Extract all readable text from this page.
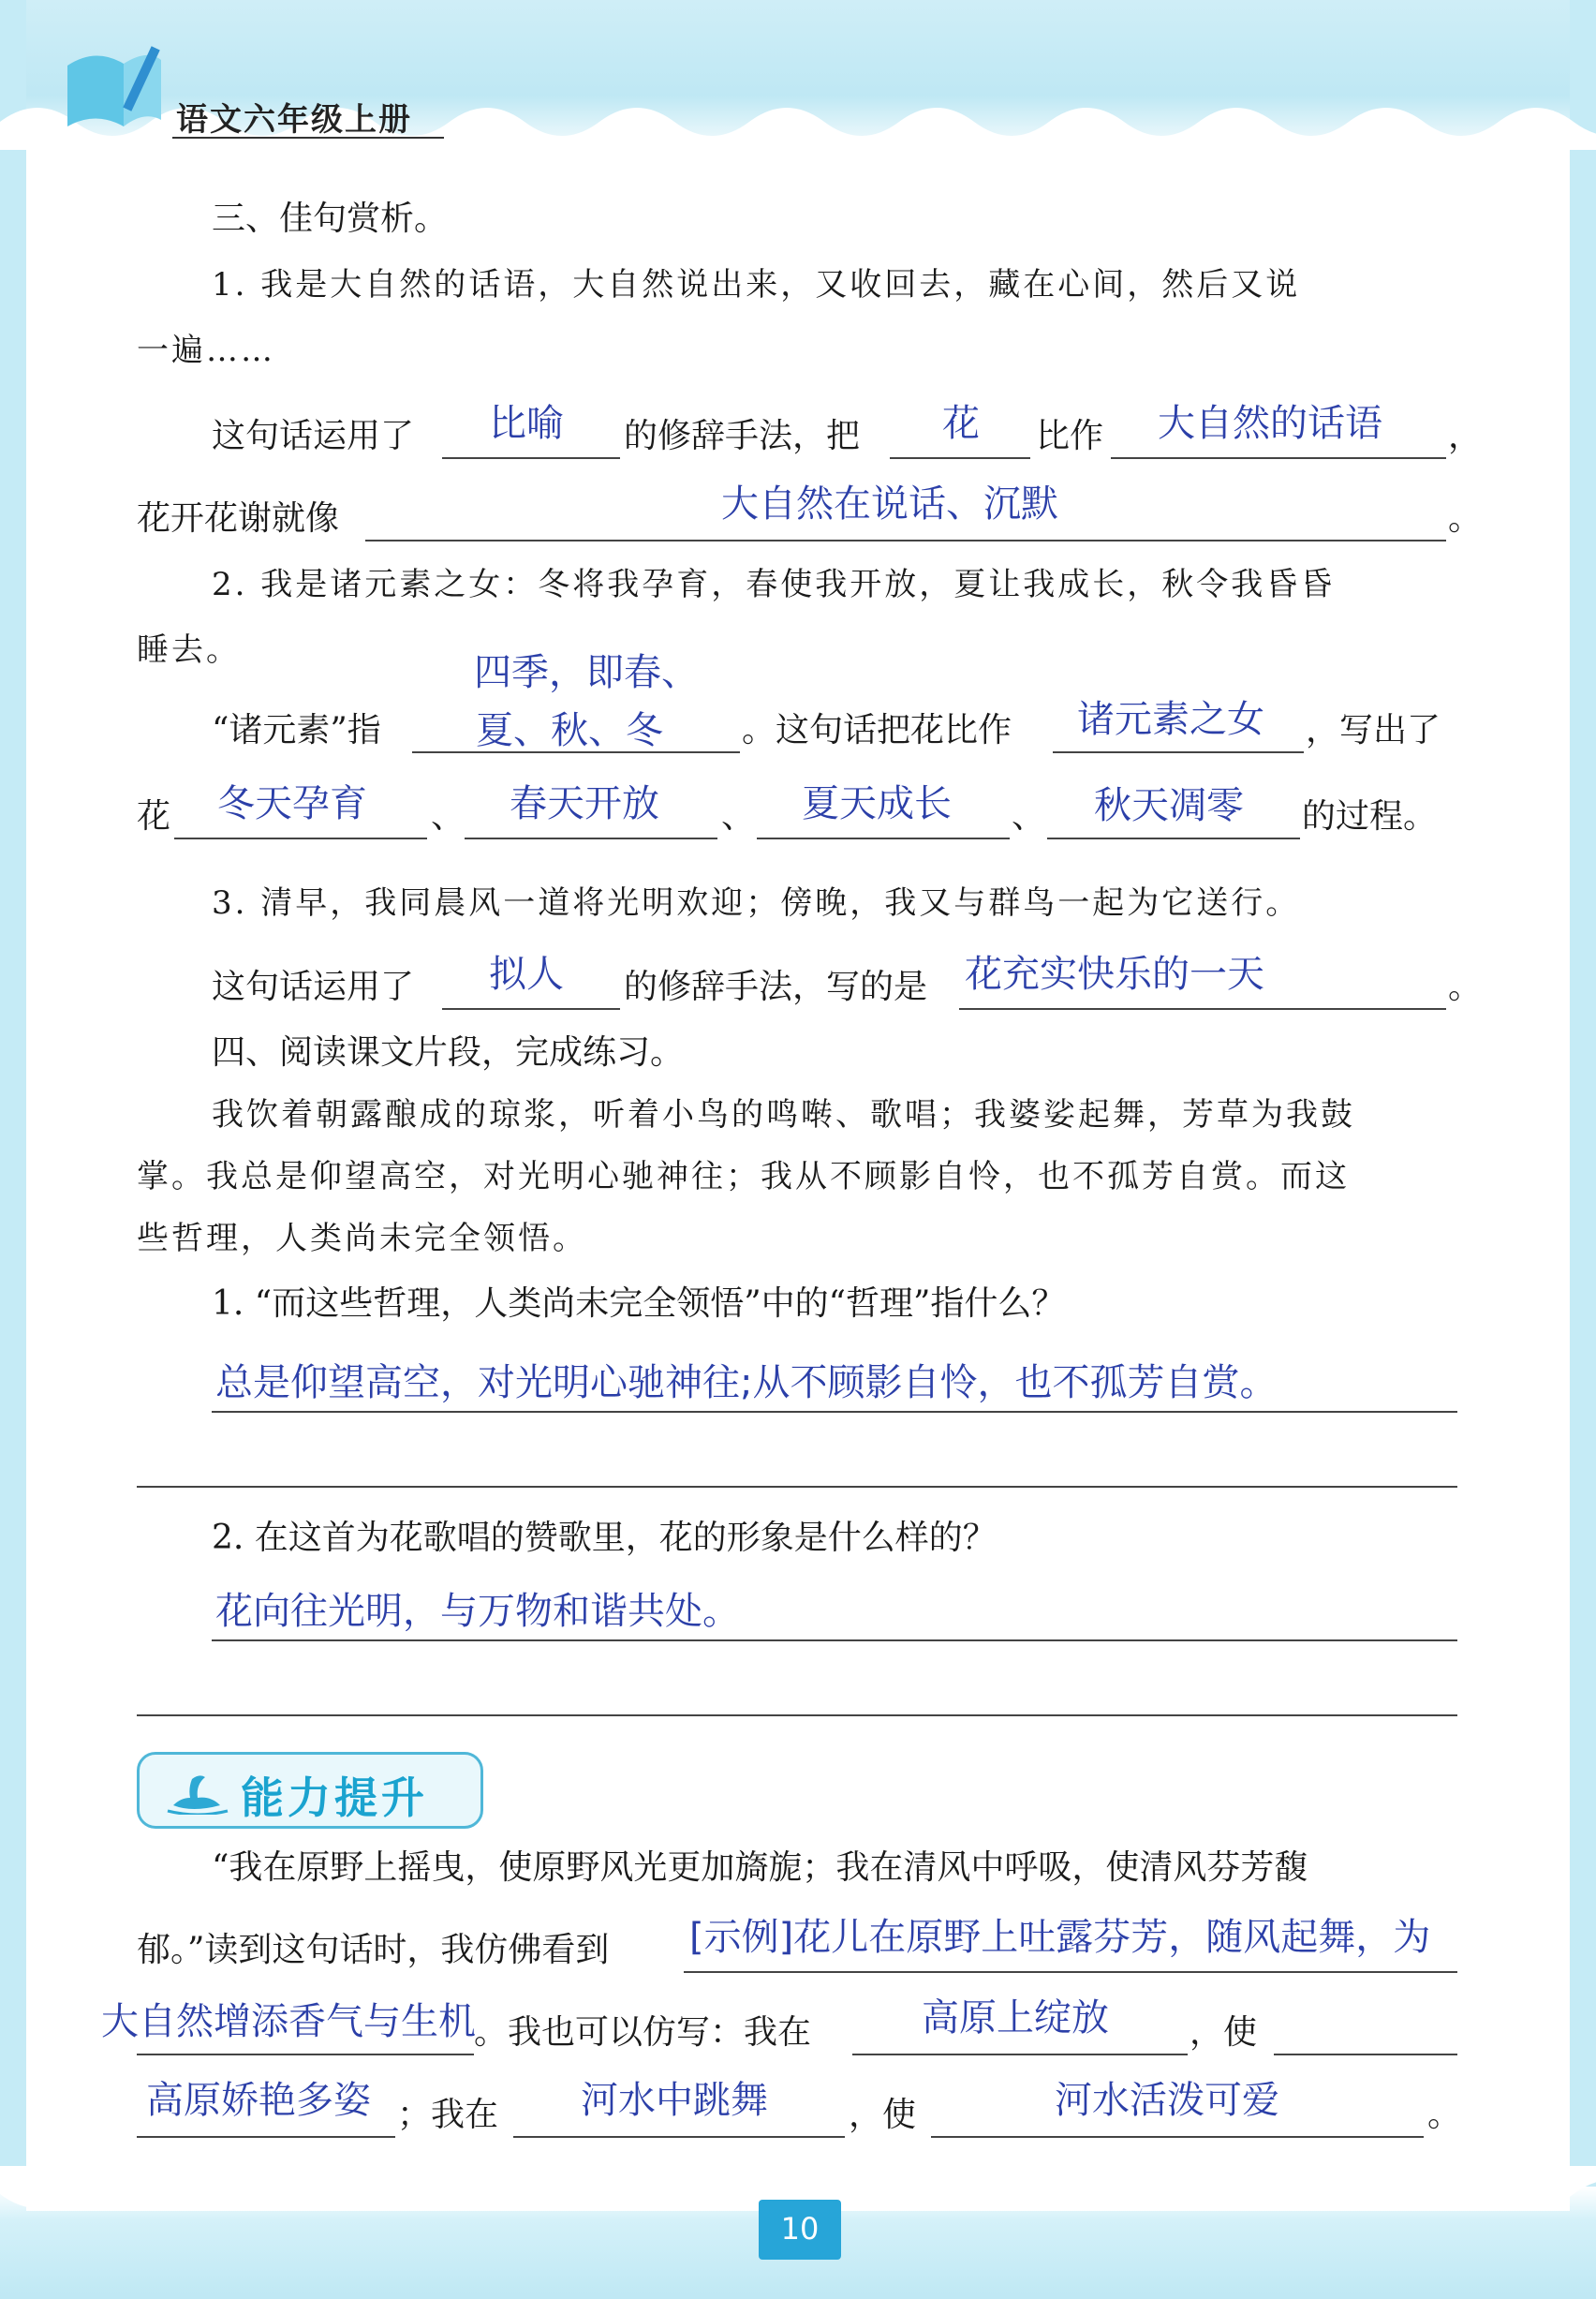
语文六年级上册
三、佳句赏析。
1. 我是大自然的话语，大自然说出来，又收回去，藏在心间，然后又说
一遍……
这句话运用了 比喻 的修辞手法，把 花 比作 大自然的话语 ，
花开花谢就像	大自然在说话、沉默	。
2. 我是诸元素之女：冬将我孕育，春使我开放，夏让我成长，秋令我昏昏
睡去。
四季，即春、
“诸元素”指	夏、秋、冬 。这句话把花比作 诸元素之女 ，写出了
花 冬天孕育 、 春天开放 、 夏天成长 、 秋天凋零 的过程。
3. 清早，我同晨风一道将光明欢迎；傍晚，我又与群鸟一起为它送行。
这句话运用了 拟人 的修辞手法，写的是 花充实快乐的一天	。
四、阅读课文片段，完成练习。
我饮着朝露酿成的琼浆，听着小鸟的鸣啭、歌唱；我婆娑起舞，芳草为我鼓
掌。我总是仰望高空，对光明心驰神往；我从不顾影自怜，也不孤芳自赏。而这
些哲理，人类尚未完全领悟。
1. “而这些哲理，人类尚未完全领悟”中的“哲理”指什么？
总是仰望高空，对光明心驰神往;从不顾影自怜，也不孤芳自赏。
2. 在这首为花歌唱的赞歌里，花的形象是什么样的？
花向往光明，与万物和谐共处。
能力提升
“我在原野上摇曳，使原野风光更加旖旎；我在清风中呼吸，使清风芬芳馥
郁。”读到这句话时，我仿佛看到 [示例]花儿在原野上吐露芬芳，随风起舞，为
大自然增添香气与生机
。我也可以仿写：我在	高原上绽放 ，使
高原娇艳多姿 ；我在 河水中跳舞 ，使	河水活泼可爱	。
10
